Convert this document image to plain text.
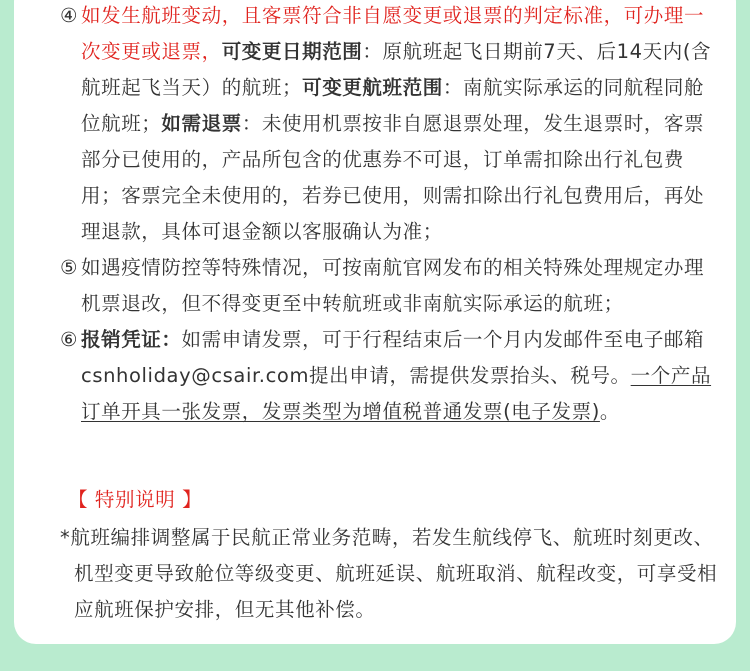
④ 如发生航班变动，且客票符合非自愿变更或退票的判定标准，可办理一次变更或退票，可变更日期范围：原航班起飞日期前7天、后14天内(含航班起飞当天）的航班；可变更航班范围：南航实际承运的同航程同舱位航班；如需退票：未使用机票按非自愿退票处理，发生退票时，客票部分已使用的，产品所包含的优惠券不可退，订单需扣除出行礼包费用；客票完全未使用的，若券已使用，则需扣除出行礼包费用后，再处理退款，具体可退金额以客服确认为准；
⑤ 如遇疫情防控等特殊情况，可按南航官网发布的相关特殊处理规定办理机票退改，但不得变更至中转航班或非南航实际承运的航班；
⑥ 报销凭证：如需申请发票，可于行程结束后一个月内发邮件至电子邮箱csnholiday@csair.com提出申请，需提供发票抬头、税号。一个产品订单开具一张发票，发票类型为增值税普通发票(电子发票)。
【 特别说明 】
*航班编排调整属于民航正常业务范畴，若发生航线停飞、航班时刻更改、机型变更导致舱位等级变更、航班延误、航班取消、航程改变，可享受相应航班保护安排，但无其他补偿。
